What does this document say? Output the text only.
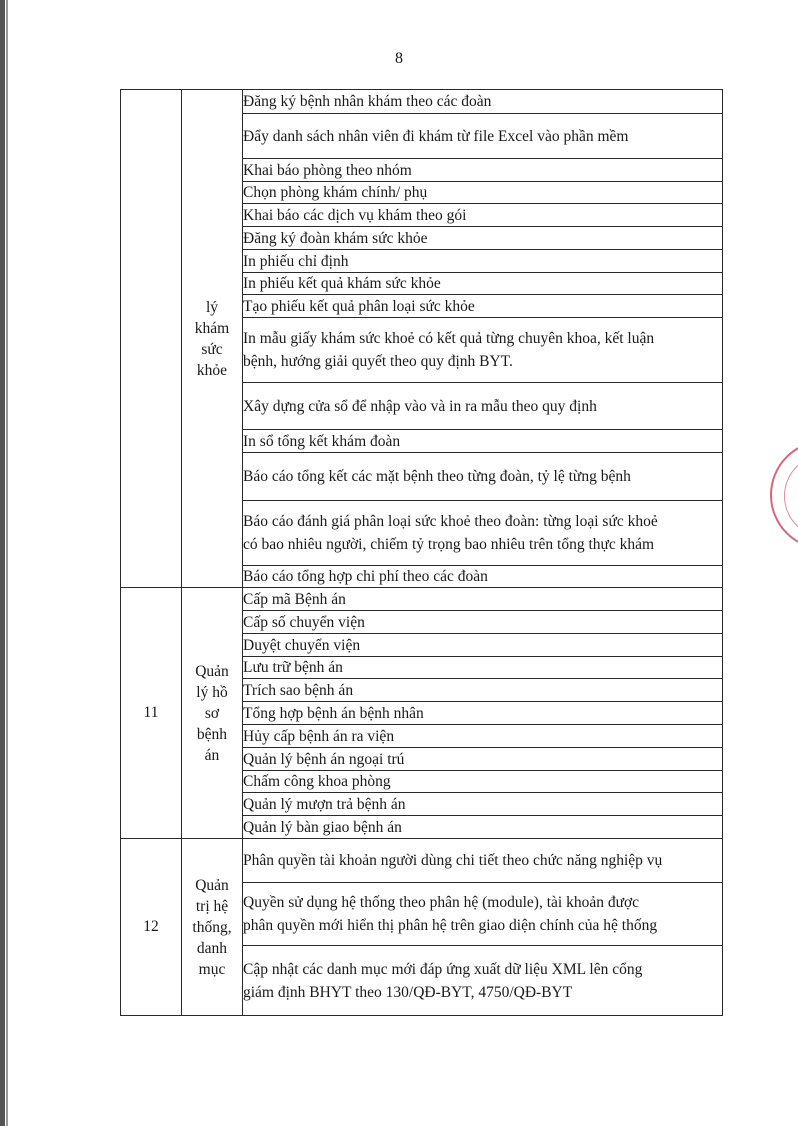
8

	lý
khám
sức
khỏe	Đăng ký bệnh nhân khám theo các đoàn
		Đẩy danh sách nhân viên đi khám từ file Excel vào phần mềm
		Khai báo phòng theo nhóm
		Chọn phòng khám chính/ phụ
		Khai báo các dịch vụ khám theo gói
		Đăng ký đoàn khám sức khỏe
		In phiếu chỉ định
		In phiếu kết quả khám sức khỏe
		Tạo phiếu kết quả phân loại sức khỏe

		In mẫu giấy khám sức khoẻ có kết quả từng chuyên khoa, kết luận
bệnh, hướng giải quyết theo quy định BYT.

		Xây dựng cửa sổ để nhập vào và in ra mẫu theo quy định
		In sổ tổng kết khám đoàn
		Báo cáo tổng kết các mặt bệnh theo từng đoàn, tỷ lệ từng bệnh

		Báo cáo đánh giá phân loại sức khoẻ theo đoàn: từng loại sức khoẻ
có bao nhiêu người, chiếm tỷ trọng bao nhiêu trên tổng thực khám

		Báo cáo tổng hợp chi phí theo các đoàn
11	Quản
lý hồ
sơ
bệnh
án	Cấp mã Bệnh án
		Cấp số chuyển viện
		Duyệt chuyển viện
		Lưu trữ bệnh án
		Trích sao bệnh án
		Tổng hợp bệnh án bệnh nhân
		Hủy cấp bệnh án ra viện
		Quản lý bệnh án ngoại trú
		Chấm công khoa phòng
		Quản lý mượn trả bệnh án
		Quản lý bàn giao bệnh án
12	Quản
trị hệ
thống,
danh
mục	Phân quyền tài khoản người dùng chi tiết theo chức năng nghiệp vụ

		Quyền sử dụng hệ thống theo phân hệ (module), tài khoản được
phân quyền mới hiển thị phân hệ trên giao diện chính của hệ thống

		Cập nhật các danh mục mới đáp ứng xuất dữ liệu XML lên cổng
giám định BHYT theo 130/QĐ-BYT, 4750/QĐ-BYT
